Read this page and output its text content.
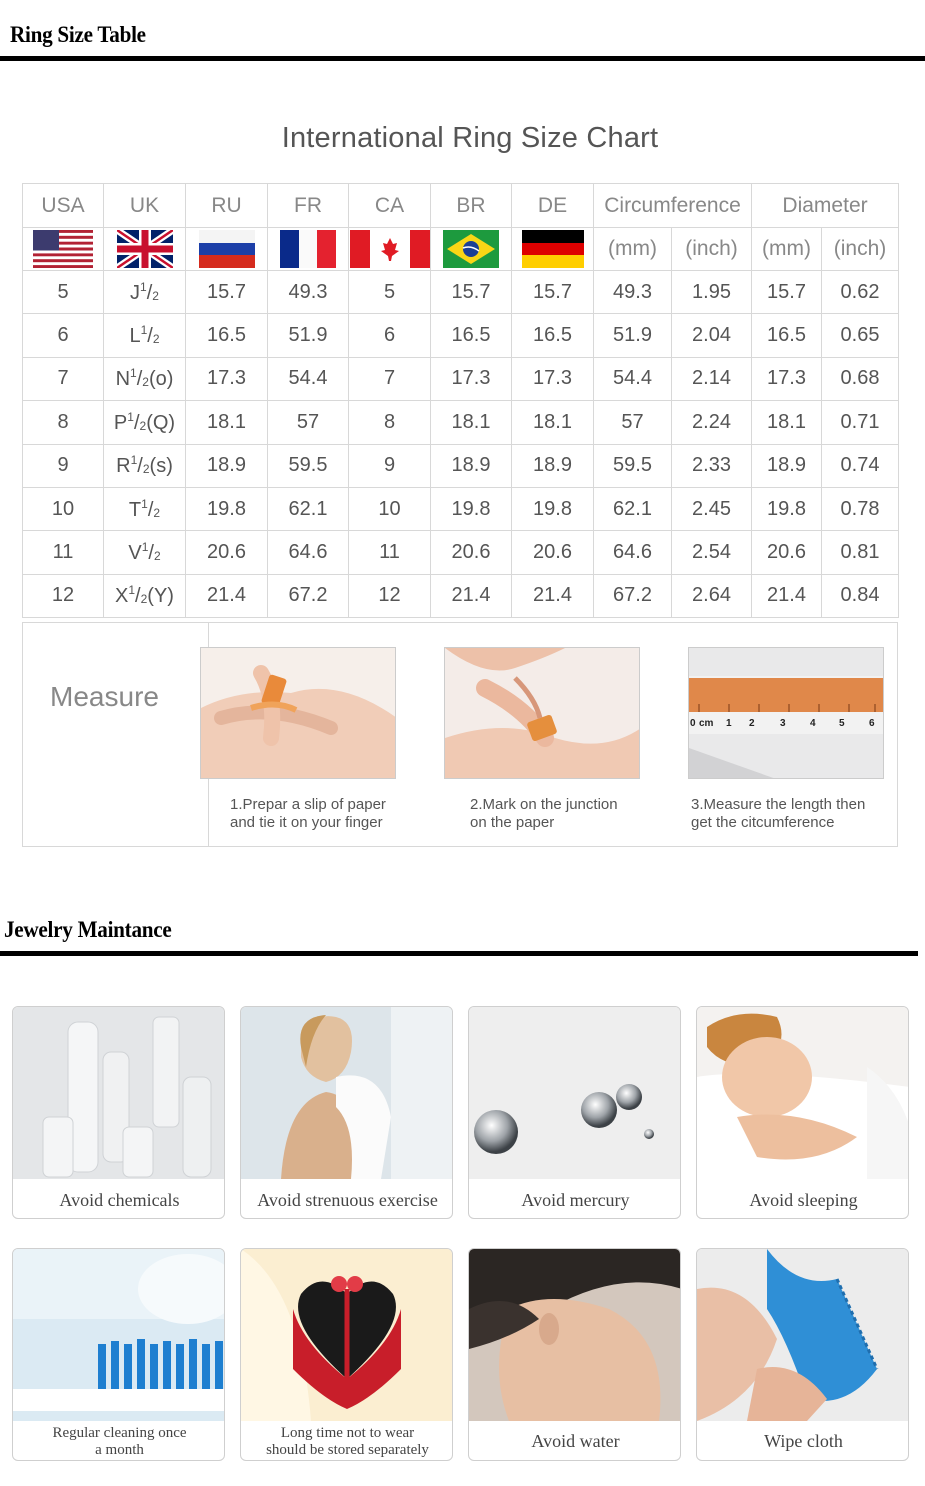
Ring Size Table
International Ring Size Chart
USA	UK	RU	FR	CA	BR	DE	Circumference		Diameter	
							(mm)	(inch)	(mm)	(inch)
5	$J^1/_2$	15.7	49.3	5	15.7	15.7	49.3	1.95	15.7	0.62
6	$L^1/_2$	16.5	51.9	6	16.5	16.5	51.9	2.04	16.5	0.65
7	$N^1/_2(o)$	17.3	54.4	7	17.3	17.3	54.4	2.14	17.3	0.68
8	$P^1/_2(Q)$	18.1	57	8	18.1	18.1	57	2.24	18.1	0.71
9	$R^1/_2(s)$	18.9	59.5	9	18.9	18.9	59.5	2.33	18.9	0.74
10	$T^1/_2$	19.8	62.1	10	19.8	19.8	62.1	2.45	19.8	0.78
11	$V^1/_2$	20.6	64.6	11	20.6	20.6	64.6	2.54	20.6	0.81
12	$X^1/_2(Y)$	21.4	67.2	12	21.4	21.4	67.2	2.64	21.4	0.84
Measure
0 cm 1 2	3 4 5 6
1.Prepar a slip of paper
and tie it on your finger
2.Mark on the junction
on the paper
3.Measure the length then
get the citcumference
Jewelry Maintance
Avoid chemicals	Avoid strenuous exercise	Avoid mercury	Avoid sleeping
Regular cleaning once
a month
Long time not to wear
should be stored separately	Avoid water	Wipe cloth
